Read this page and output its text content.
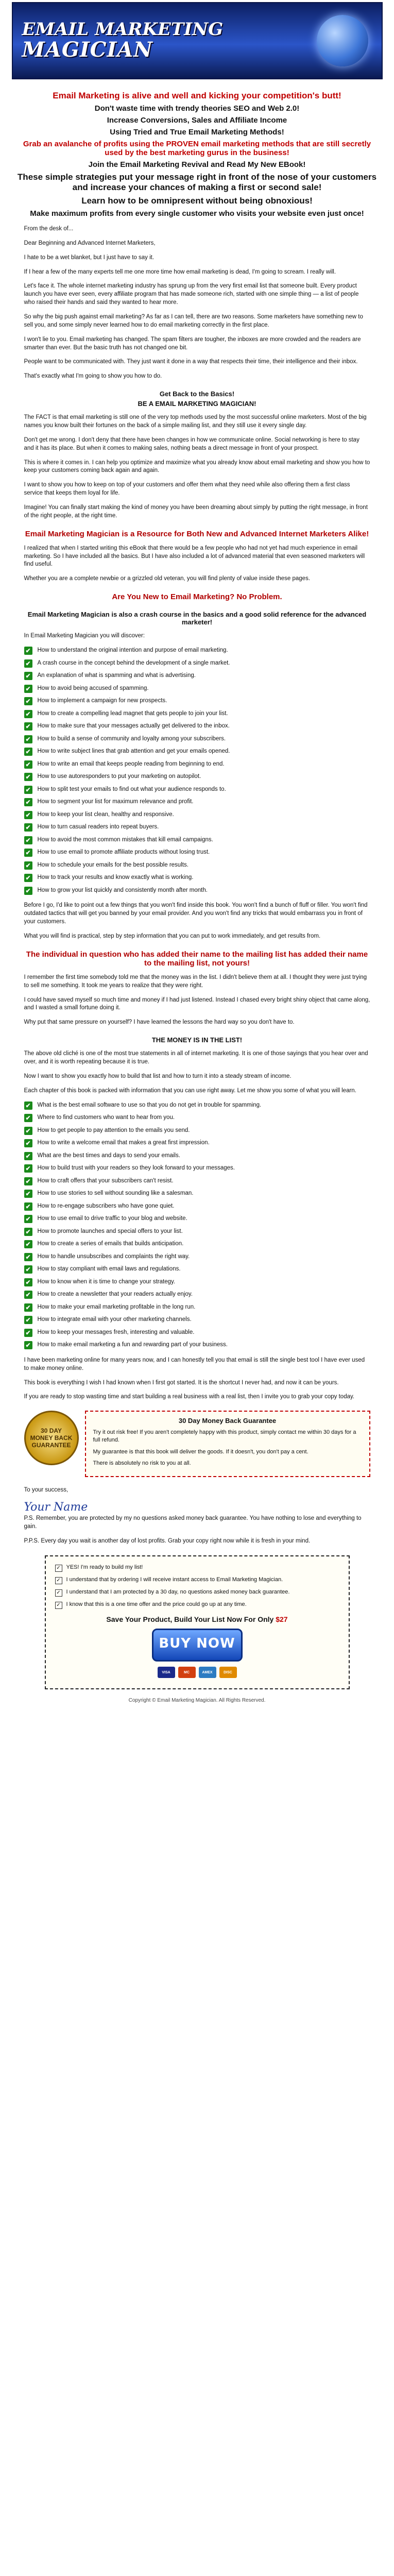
EMAIL MARKETING
MAGICIAN
Email Marketing is alive and well and kicking your competition's butt!
Don't waste time with trendy theories SEO and Web 2.0!
Increase Conversions, Sales and Affiliate Income
Using Tried and True Email Marketing Methods!
Grab an avalanche of profits using the PROVEN email marketing methods that are still secretly used by the best marketing gurus in the business!
Join the Email Marketing Revival and Read My New EBook!
These simple strategies put your message right in front of the nose of your customers and increase your chances of making a first or second sale!
Learn how to be omnipresent without being obnoxious!
Make maximum profits from every single customer who visits your website even just once!

From the desk of...

Dear Beginning and Advanced Internet Marketers,

I hate to be a wet blanket, but I just have to say it.

If I hear a few of the many experts tell me one more time how email marketing is dead, I'm going to scream. I really will.

Let's face it. The whole internet marketing industry has sprung up from the very first email list that someone built. Every product launch you have ever seen, every affiliate program that has made someone rich, started with one simple thing — a list of people who raised their hands and said they wanted to hear more.

So why the big push against email marketing? As far as I can tell, there are two reasons. Some marketers have something new to sell you, and some simply never learned how to do email marketing correctly in the first place.

I won't lie to you. Email marketing has changed. The spam filters are tougher, the inboxes are more crowded and the readers are smarter than ever. But the basic truth has not changed one bit.

People want to be communicated with. They just want it done in a way that respects their time, their intelligence and their inbox.

That's exactly what I'm going to show you how to do.

Get Back to the Basics!
BE A EMAIL MARKETING MAGICIAN!

The FACT is that email marketing is still one of the very top methods used by the most successful online marketers. Most of the big names you know built their fortunes on the back of a simple mailing list, and they still use it every single day.

Don't get me wrong. I don't deny that there have been changes in how we communicate online. Social networking is here to stay and it has its place. But when it comes to making sales, nothing beats a direct message in front of your prospect.

This is where it comes in. I can help you optimize and maximize what you already know about email marketing and show you how to keep your customers coming back again and again.

I want to show you how to keep on top of your customers and offer them what they need while also offering them a first class service that keeps them loyal for life.

Imagine! You can finally start making the kind of money you have been dreaming about simply by putting the right message, in front of the right people, at the right time.

Email Marketing Magician is a Resource for Both New and Advanced Internet Marketers Alike!

I realized that when I started writing this eBook that there would be a few people who had not yet had much experience in email marketing. So I have included all the basics. But I have also included a lot of advanced material that even seasoned marketers will find useful.

Whether you are a complete newbie or a grizzled old veteran, you will find plenty of value inside these pages.

Are You New to Email Marketing? No Problem.
Email Marketing Magician is also a crash course in the basics and a good solid reference for the advanced marketer!

In Email Marketing Magician you will discover:

✔ How to understand the original intention and purpose of email marketing.
✔ A crash course in the concept behind the development of a single market.
✔ An explanation of what is spamming and what is advertising.
✔ How to avoid being accused of spamming.
✔ How to implement a campaign for new prospects.
✔ How to create a compelling lead magnet that gets people to join your list.
✔ How to make sure that your messages actually get delivered to the inbox.
✔ How to build a sense of community and loyalty among your subscribers.
✔ How to write subject lines that grab attention and get your emails opened.
✔ How to write an email that keeps people reading from beginning to end.
✔ How to use autoresponders to put your marketing on autopilot.
✔ How to split test your emails to find out what your audience responds to.
✔ How to segment your list for maximum relevance and profit.
✔ How to keep your list clean, healthy and responsive.
✔ How to turn casual readers into repeat buyers.
✔ How to avoid the most common mistakes that kill email campaigns.
✔ How to use email to promote affiliate products without losing trust.
✔ How to schedule your emails for the best possible results.
✔ How to track your results and know exactly what is working.
✔ How to grow your list quickly and consistently month after month.

Before I go, I'd like to point out a few things that you won't find inside this book. You won't find a bunch of fluff or filler. You won't find outdated tactics that will get you banned by your email provider. And you won't find any tricks that would embarrass you in front of your customers.

What you will find is practical, step by step information that you can put to work immediately, and get results from.

The individual in question who has added their name to the mailing list has added their name to the mailing list, not yours!

I remember the first time somebody told me that the money was in the list. I didn't believe them at all. I thought they were just trying to sell me something. It took me years to realize that they were right.

I could have saved myself so much time and money if I had just listened. Instead I chased every bright shiny object that came along, and I wasted a small fortune doing it.

Why put that same pressure on yourself? I have learned the lessons the hard way so you don't have to.

THE MONEY IS IN THE LIST!

The above old cliché is one of the most true statements in all of internet marketing. It is one of those sayings that you hear over and over, and it is worth repeating because it is true.

Now I want to show you exactly how to build that list and how to turn it into a steady stream of income.

Each chapter of this book is packed with information that you can use right away. Let me show you some of what you will learn.

✔ What is the best email software to use so that you do not get in trouble for spamming.
✔ Where to find customers who want to hear from you.
✔ How to get people to pay attention to the emails you send.
✔ How to write a welcome email that makes a great first impression.
✔ What are the best times and days to send your emails.
✔ How to build trust with your readers so they look forward to your messages.
✔ How to craft offers that your subscribers can't resist.
✔ How to use stories to sell without sounding like a salesman.
✔ How to re-engage subscribers who have gone quiet.
✔ How to use email to drive traffic to your blog and website.
✔ How to promote launches and special offers to your list.
✔ How to create a series of emails that builds anticipation.
✔ How to handle unsubscribes and complaints the right way.
✔ How to stay compliant with email laws and regulations.
✔ How to know when it is time to change your strategy.
✔ How to create a newsletter that your readers actually enjoy.
✔ How to make your email marketing profitable in the long run.
✔ How to integrate email with your other marketing channels.
✔ How to keep your messages fresh, interesting and valuable.
✔ How to make email marketing a fun and rewarding part of your business.

I have been marketing online for many years now, and I can honestly tell you that email is still the single best tool I have ever used to make money online.

This book is everything I wish I had known when I first got started. It is the shortcut I never had, and now it can be yours.

If you are ready to stop wasting time and start building a real business with a real list, then I invite you to grab your copy today.

30 DAY
MONEY BACK
GUARANTEE
30 Day Money Back Guarantee

Try it out risk free! If you aren't completely happy with this product, simply contact me within 30 days for a full refund.

My guarantee is that this book will deliver the goods. If it doesn't, you don't pay a cent.

There is absolutely no risk to you at all.

To your success,

Your Name

P.S. Remember, you are protected by my no questions asked money back guarantee. You have nothing to lose and everything to gain.

P.P.S. Every day you wait is another day of lost profits. Grab your copy right now while it is fresh in your mind.

✓ YES! I'm ready to build my list!
✓ I understand that by ordering I will receive instant access to Email Marketing Magician.
✓ I understand that I am protected by a 30 day, no questions asked money back guarantee.
✓ I know that this is a one time offer and the price could go up at any time.
Save Your Product, Build Your List Now For Only $27
BUY NOW
VISA	MC	AMEX	DISC
Copyright © Email Marketing Magician. All Rights Reserved.
